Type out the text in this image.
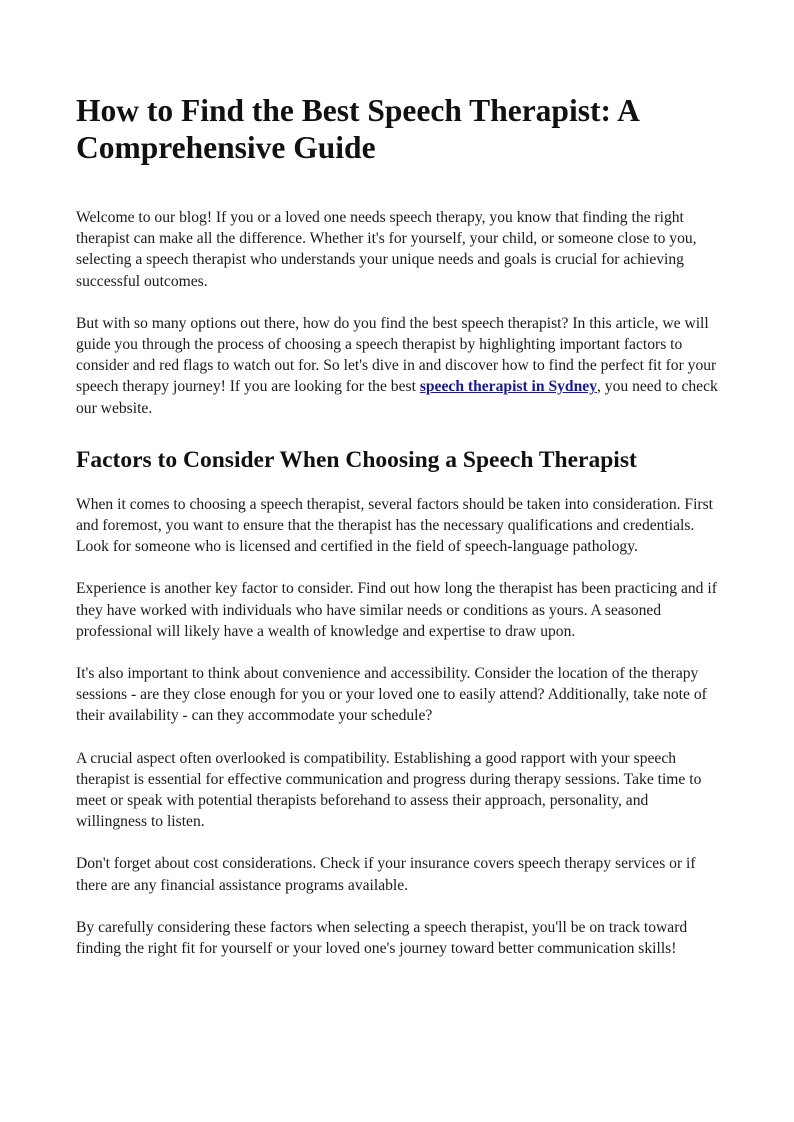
How to Find the Best Speech Therapist: A Comprehensive Guide

Welcome to our blog! If you or a loved one needs speech therapy, you know that finding the right therapist can make all the difference. Whether it's for yourself, your child, or someone close to you, selecting a speech therapist who understands your unique needs and goals is crucial for achieving successful outcomes.

But with so many options out there, how do you find the best speech therapist? In this article, we will guide you through the process of choosing a speech therapist by highlighting important factors to consider and red flags to watch out for. So let's dive in and discover how to find the perfect fit for your speech therapy journey! If you are looking for the best speech therapist in Sydney, you need to check our website.

Factors to Consider When Choosing a Speech Therapist

When it comes to choosing a speech therapist, several factors should be taken into consideration. First and foremost, you want to ensure that the therapist has the necessary qualifications and credentials. Look for someone who is licensed and certified in the field of speech-language pathology.

Experience is another key factor to consider. Find out how long the therapist has been practicing and if they have worked with individuals who have similar needs or conditions as yours. A seasoned professional will likely have a wealth of knowledge and expertise to draw upon.

It's also important to think about convenience and accessibility. Consider the location of the therapy sessions - are they close enough for you or your loved one to easily attend? Additionally, take note of their availability - can they accommodate your schedule?

A crucial aspect often overlooked is compatibility. Establishing a good rapport with your speech therapist is essential for effective communication and progress during therapy sessions. Take time to meet or speak with potential therapists beforehand to assess their approach, personality, and willingness to listen.

Don't forget about cost considerations. Check if your insurance covers speech therapy services or if there are any financial assistance programs available.

By carefully considering these factors when selecting a speech therapist, you'll be on track toward finding the right fit for yourself or your loved one's journey toward better communication skills!
